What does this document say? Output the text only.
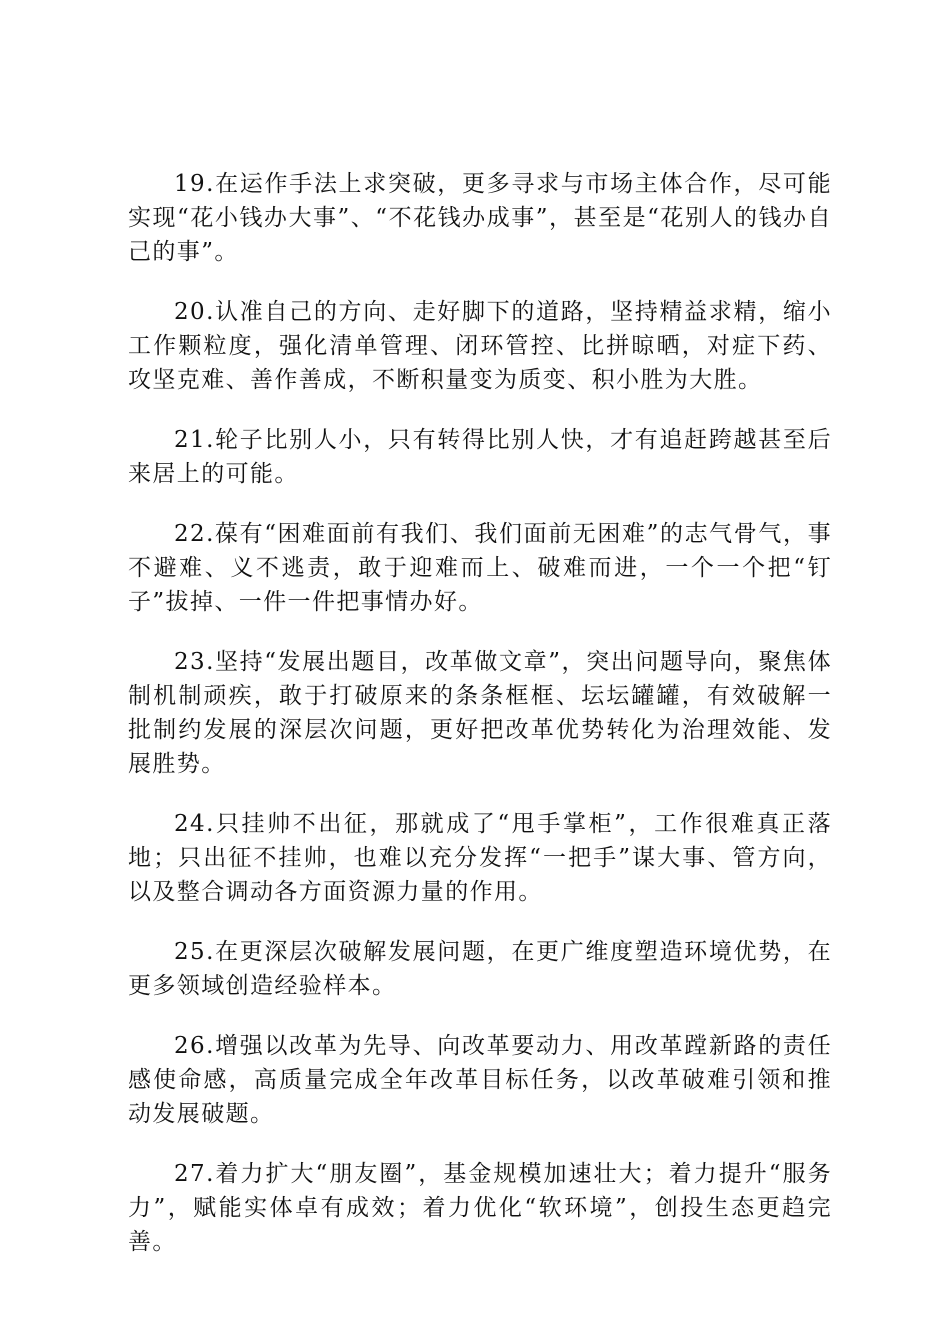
19.在运作手法上求突破，更多寻求与市场主体合作，尽可能实现“花小钱办大事”、“不花钱办成事”，甚至是“花别人的钱办自己的事”。

20.认准自己的方向、走好脚下的道路，坚持精益求精，缩小工作颗粒度，强化清单管理、闭环管控、比拼晾晒，对症下药、攻坚克难、善作善成，不断积量变为质变、积小胜为大胜。

21.轮子比别人小，只有转得比别人快，才有追赶跨越甚至后来居上的可能。

22.葆有“困难面前有我们、我们面前无困难”的志气骨气，事不避难、义不逃责，敢于迎难而上、破难而进，一个一个把“钉子”拔掉、一件一件把事情办好。

23.坚持“发展出题目，改革做文章”，突出问题导向，聚焦体制机制顽疾，敢于打破原来的条条框框、坛坛罐罐，有效破解一批制约发展的深层次问题，更好把改革优势转化为治理效能、发展胜势。

24.只挂帅不出征，那就成了“甩手掌柜”，工作很难真正落地；只出征不挂帅，也难以充分发挥“一把手”谋大事、管方向，以及整合调动各方面资源力量的作用。

25.在更深层次破解发展问题，在更广维度塑造环境优势，在更多领域创造经验样本。

26.增强以改革为先导、向改革要动力、用改革蹚新路的责任感使命感，高质量完成全年改革目标任务，以改革破难引领和推动发展破题。

27.着力扩大“朋友圈”，基金规模加速壮大；着力提升“服务力”，赋能实体卓有成效；着力优化“软环境”，创投生态更趋完善。
